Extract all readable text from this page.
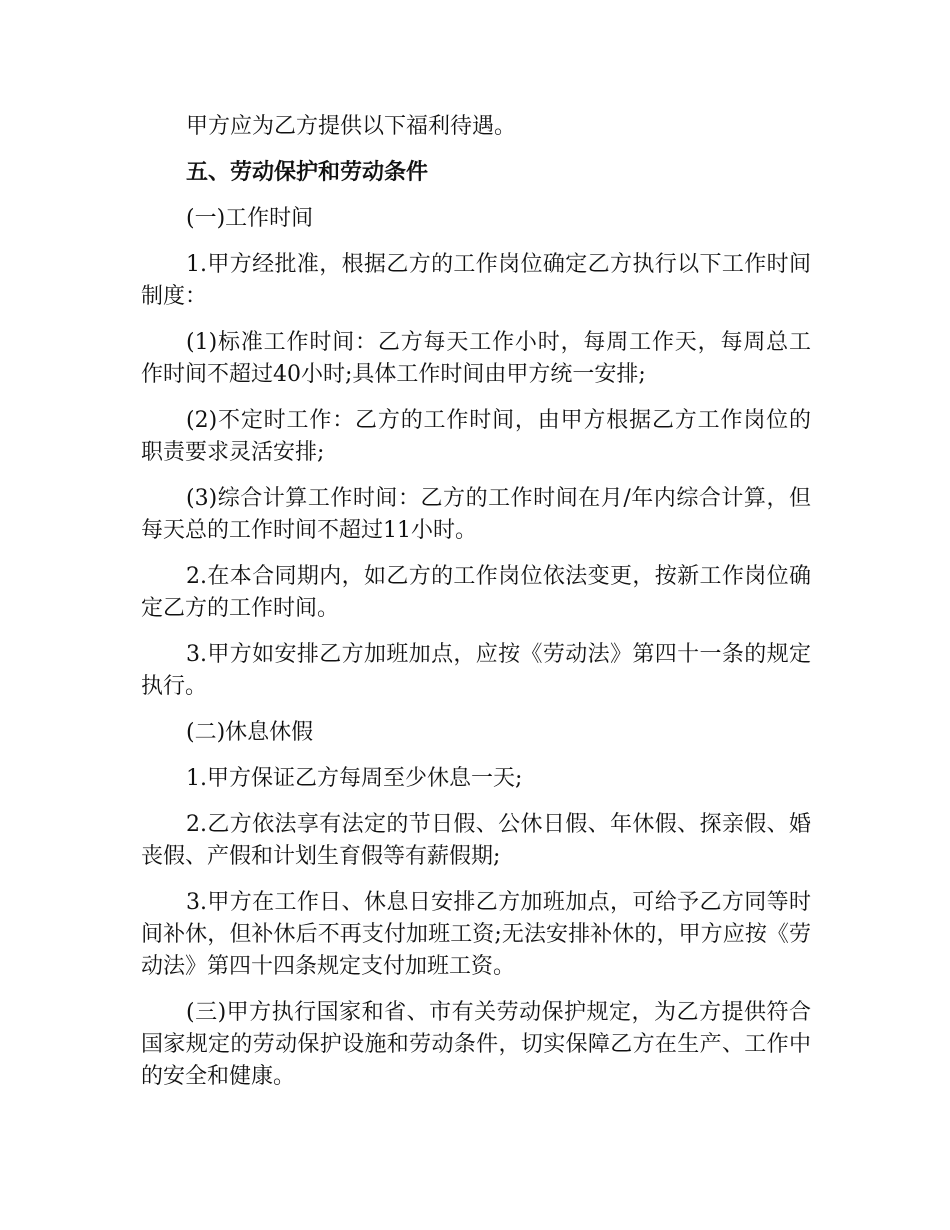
甲方应为乙方提供以下福利待遇。

五、劳动保护和劳动条件

(一)工作时间

1.甲方经批准，根据乙方的工作岗位确定乙方执行以下工作时间制度：

(1)标准工作时间：乙方每天工作小时，每周工作天，每周总工作时间不超过40小时;具体工作时间由甲方统一安排;

(2)不定时工作：乙方的工作时间，由甲方根据乙方工作岗位的职责要求灵活安排;

(3)综合计算工作时间：乙方的工作时间在月/年内综合计算，但每天总的工作时间不超过11小时。

2.在本合同期内，如乙方的工作岗位依法变更，按新工作岗位确定乙方的工作时间。

3.甲方如安排乙方加班加点，应按《劳动法》第四十一条的规定执行。

(二)休息休假

1.甲方保证乙方每周至少休息一天;

2.乙方依法享有法定的节日假、公休日假、年休假、探亲假、婚丧假、产假和计划生育假等有薪假期;

3.甲方在工作日、休息日安排乙方加班加点，可给予乙方同等时间补休，但补休后不再支付加班工资;无法安排补休的，甲方应按《劳动法》第四十四条规定支付加班工资。

(三)甲方执行国家和省、市有关劳动保护规定，为乙方提供符合国家规定的劳动保护设施和劳动条件，切实保障乙方在生产、工作中的安全和健康。
